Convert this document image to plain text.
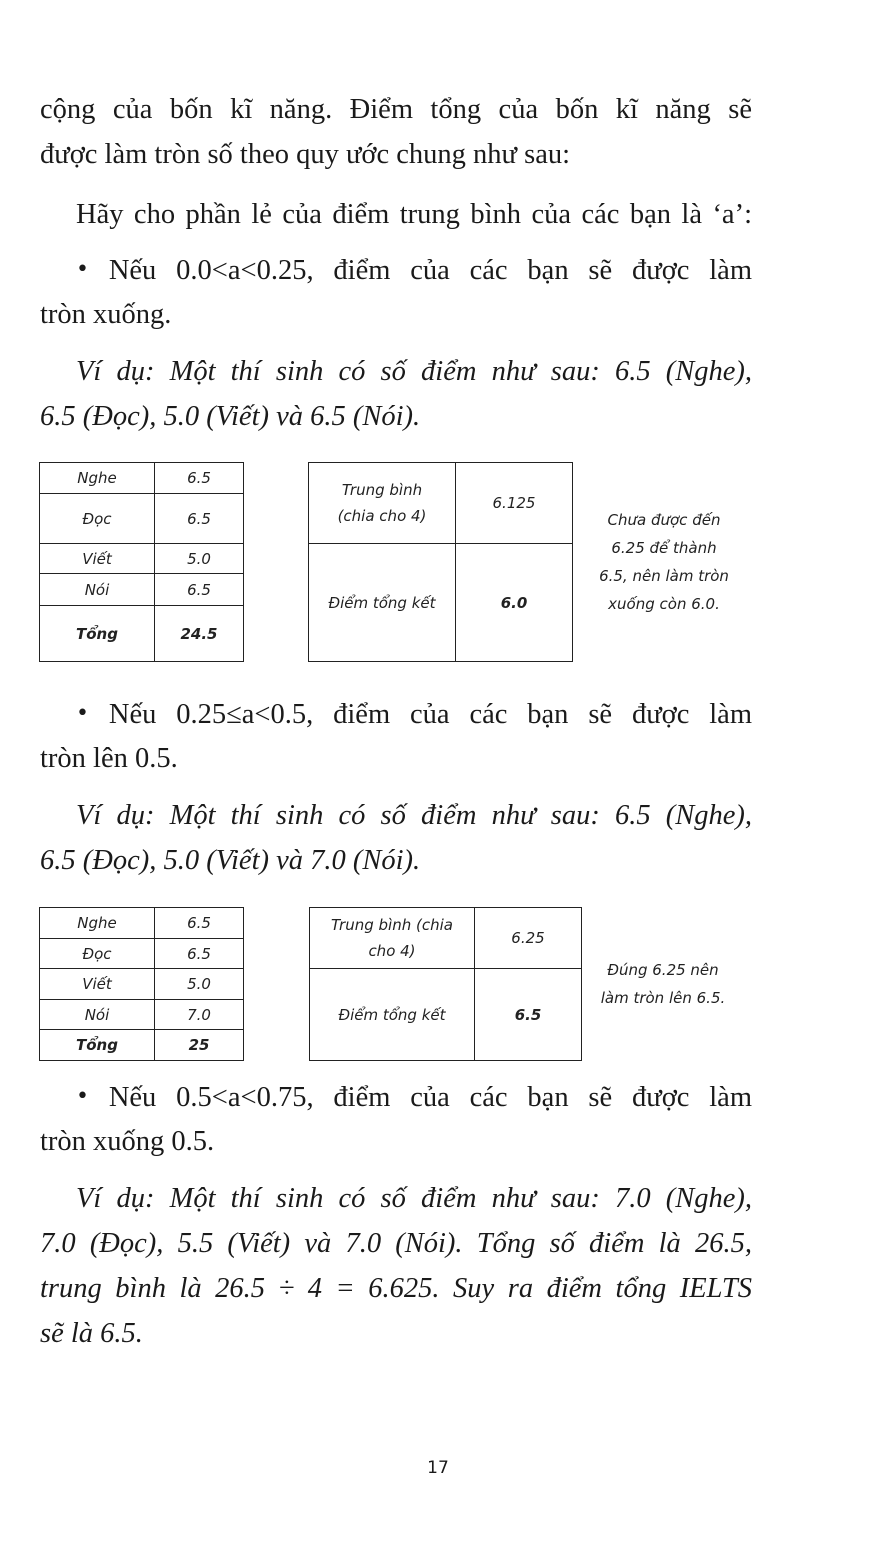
cộng của bốn kĩ năng. Điểm tổng của bốn kĩ năng sẽ

được làm tròn số theo quy ước chung như sau:

Hãy cho phần lẻ của điểm trung bình của các bạn là ‘a’:

• Nếu 0.0<a<0.25, điểm của các bạn sẽ được làm

tròn xuống.

Ví dụ: Một thí sinh có số điểm như sau: 6.5 (Nghe),

6.5 (Đọc), 5.0 (Viết) và 6.5 (Nói).

Nghe	6.5
Đọc	6.5
Viết	5.0
Nói	6.5
Tổng	24.5
Trung bình
(chia cho 4)	6.125
Điểm tổng kết	6.0
Chưa được đến
6.25 để thành
6.5, nên làm tròn
xuống còn 6.0.

• Nếu 0.25≤a<0.5, điểm của các bạn sẽ được làm

tròn lên 0.5.

Ví dụ: Một thí sinh có số điểm như sau: 6.5 (Nghe),

6.5 (Đọc), 5.0 (Viết) và 7.0 (Nói).

Nghe	6.5
Đọc	6.5
Viết	5.0
Nói	7.0
Tổng	25
Trung bình (chia
cho 4)	6.25
Điểm tổng kết	6.5
Đúng 6.25 nên
làm tròn lên 6.5.

• Nếu 0.5<a<0.75, điểm của các bạn sẽ được làm

tròn xuống 0.5.

Ví dụ: Một thí sinh có số điểm như sau: 7.0 (Nghe),

7.0 (Đọc), 5.5 (Viết) và 7.0 (Nói). Tổng số điểm là 26.5,

trung bình là 26.5 ÷ 4 = 6.625. Suy ra điểm tổng IELTS

sẽ là 6.5.

17
